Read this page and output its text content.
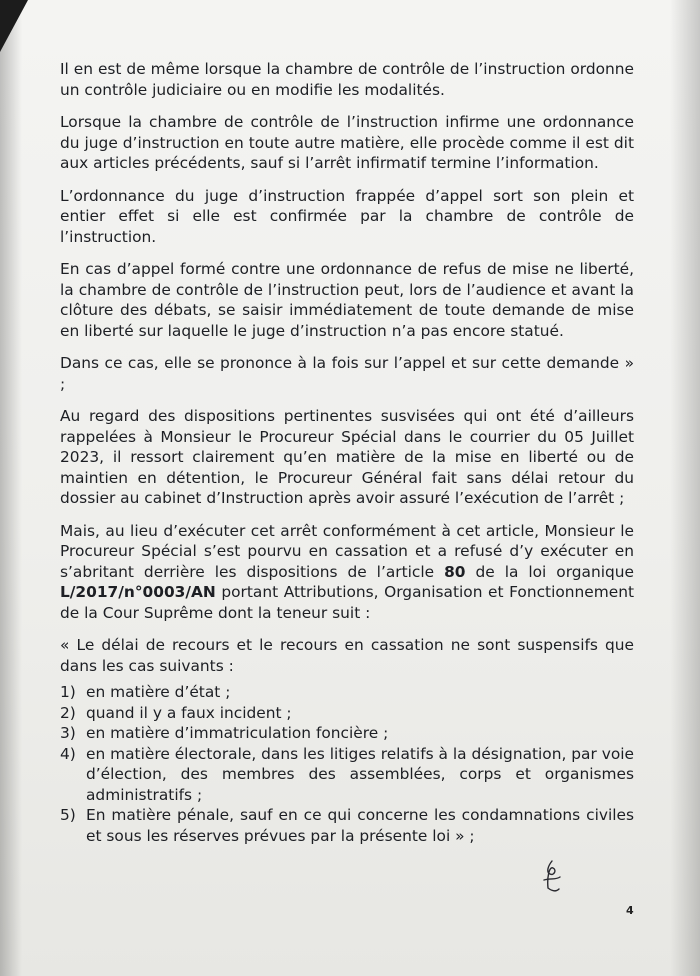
Il en est de même lorsque la chambre de contrôle de l’instruction ordonne un contrôle judiciaire ou en modifie les modalités.

Lorsque la chambre de contrôle de l’instruction infirme une ordonnance du juge d’instruction en toute autre matière, elle procède comme il est dit aux articles précédents, sauf si l’arrêt infirmatif termine l’information.

L’ordonnance du juge d’instruction frappée d’appel sort son plein et entier effet si elle est confirmée par la chambre de contrôle de l’instruction.

En cas d’appel formé contre une ordonnance de refus de mise ne liberté, la chambre de contrôle de l’instruction peut, lors de l’audience et avant la clôture des débats, se saisir immédiatement de toute demande de mise en liberté sur laquelle le juge d’instruction n’a pas encore statué.

Dans ce cas, elle se prononce à la fois sur l’appel et sur cette demande » ;

Au regard des dispositions pertinentes susvisées qui ont été d’ailleurs rappelées à Monsieur le Procureur Spécial dans le courrier du 05 Juillet 2023, il ressort clairement qu’en matière de la mise en liberté ou de maintien en détention, le Procureur Général fait sans délai retour du dossier au cabinet d’Instruction après avoir assuré l’exécution de l’arrêt ;

Mais, au lieu d’exécuter cet arrêt conformément à cet article, Monsieur le Procureur Spécial s’est pourvu en cassation et a refusé d’y exécuter en s’abritant derrière les dispositions de l’article 80 de la loi organique L/2017/n°0003/AN portant Attributions, Organisation et Fonctionnement de la Cour Suprême dont la teneur suit :

« Le délai de recours et le recours en cassation ne sont suspensifs que dans les cas suivants :

1) en matière d’état ;
2) quand il y a faux incident ;
3) en matière d’immatriculation foncière ;
4) en matière électorale, dans les litiges relatifs à la désignation, par voie d’élection, des membres des assemblées, corps et organismes administratifs ;
5) En matière pénale, sauf en ce qui concerne les condamnations civiles et sous les réserves prévues par la présente loi » ;
4
